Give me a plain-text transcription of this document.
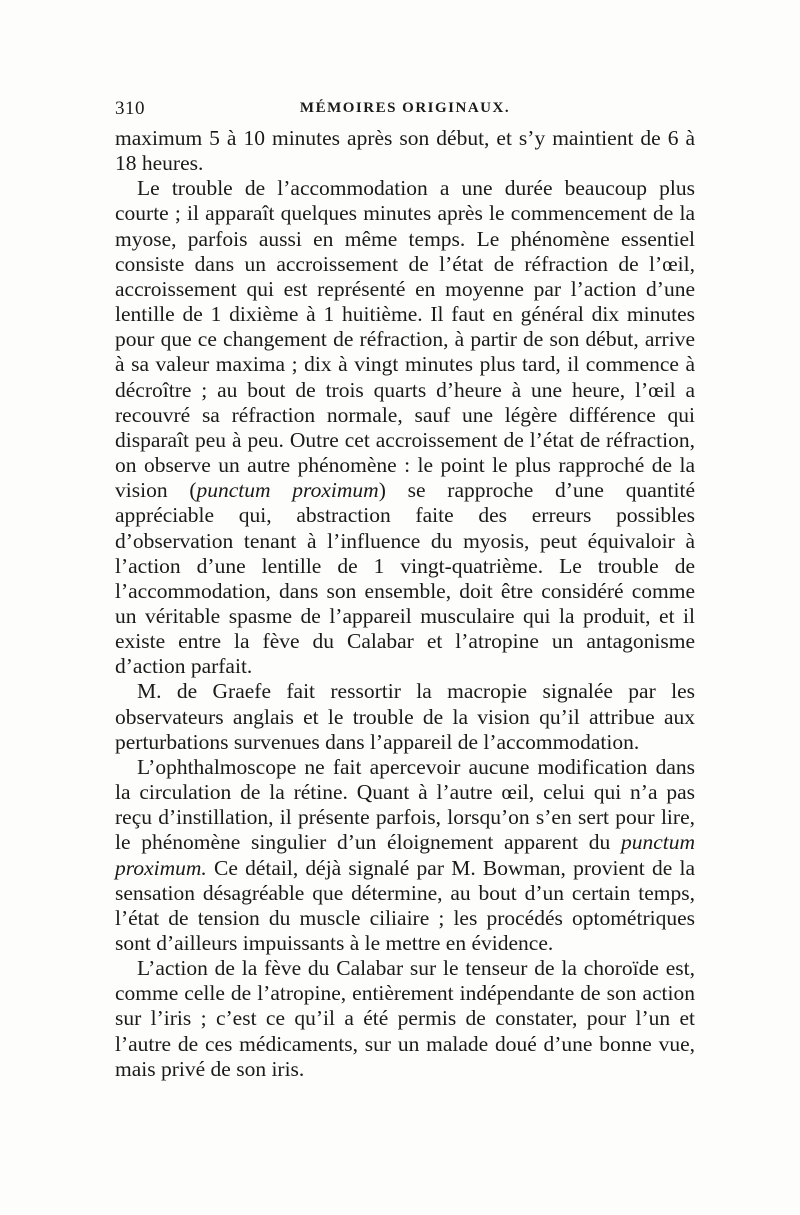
310	MÉMOIRES ORIGINAUX.

maximum 5 à 10 minutes après son début, et s’y maintient de 6 à 18 heures.

Le trouble de l’accommodation a une durée beaucoup plus courte ; il apparaît quelques minutes après le commencement de la myose, parfois aussi en même temps. Le phénomène essentiel consiste dans un accroissement de l’état de réfraction de l’œil, accroissement qui est représenté en moyenne par l’action d’une lentille de 1 dixième à 1 huitième. Il faut en général dix minutes pour que ce changement de réfraction, à partir de son début, arrive à sa valeur maxima ; dix à vingt minutes plus tard, il commence à décroître ; au bout de trois quarts d’heure à une heure, l’œil a recouvré sa réfraction normale, sauf une légère différence qui disparaît peu à peu. Outre cet accroissement de l’état de réfraction, on observe un autre phénomène : le point le plus rapproché de la vision (punctum proximum) se rapproche d’une quantité appréciable qui, abstraction faite des erreurs possibles d’observation tenant à l’influence du myosis, peut équivaloir à l’action d’une lentille de 1 vingt-quatrième. Le trouble de l’accommodation, dans son ensemble, doit être considéré comme un véritable spasme de l’appareil musculaire qui la produit, et il existe entre la fève du Calabar et l’atropine un antagonisme d’action parfait.

M. de Graefe fait ressortir la macropie signalée par les observateurs anglais et le trouble de la vision qu’il attribue aux perturbations survenues dans l’appareil de l’accommodation.

L’ophthalmoscope ne fait apercevoir aucune modification dans la circulation de la rétine. Quant à l’autre œil, celui qui n’a pas reçu d’instillation, il présente parfois, lorsqu’on s’en sert pour lire, le phénomène singulier d’un éloignement apparent du punctum proximum. Ce détail, déjà signalé par M. Bowman, provient de la sensation désagréable que détermine, au bout d’un certain temps, l’état de tension du muscle ciliaire ; les procédés optométriques sont d’ailleurs impuissants à le mettre en évidence.

L’action de la fève du Calabar sur le tenseur de la choroïde est, comme celle de l’atropine, entièrement indépendante de son action sur l’iris ; c’est ce qu’il a été permis de constater, pour l’un et l’autre de ces médicaments, sur un malade doué d’une bonne vue, mais privé de son iris.
